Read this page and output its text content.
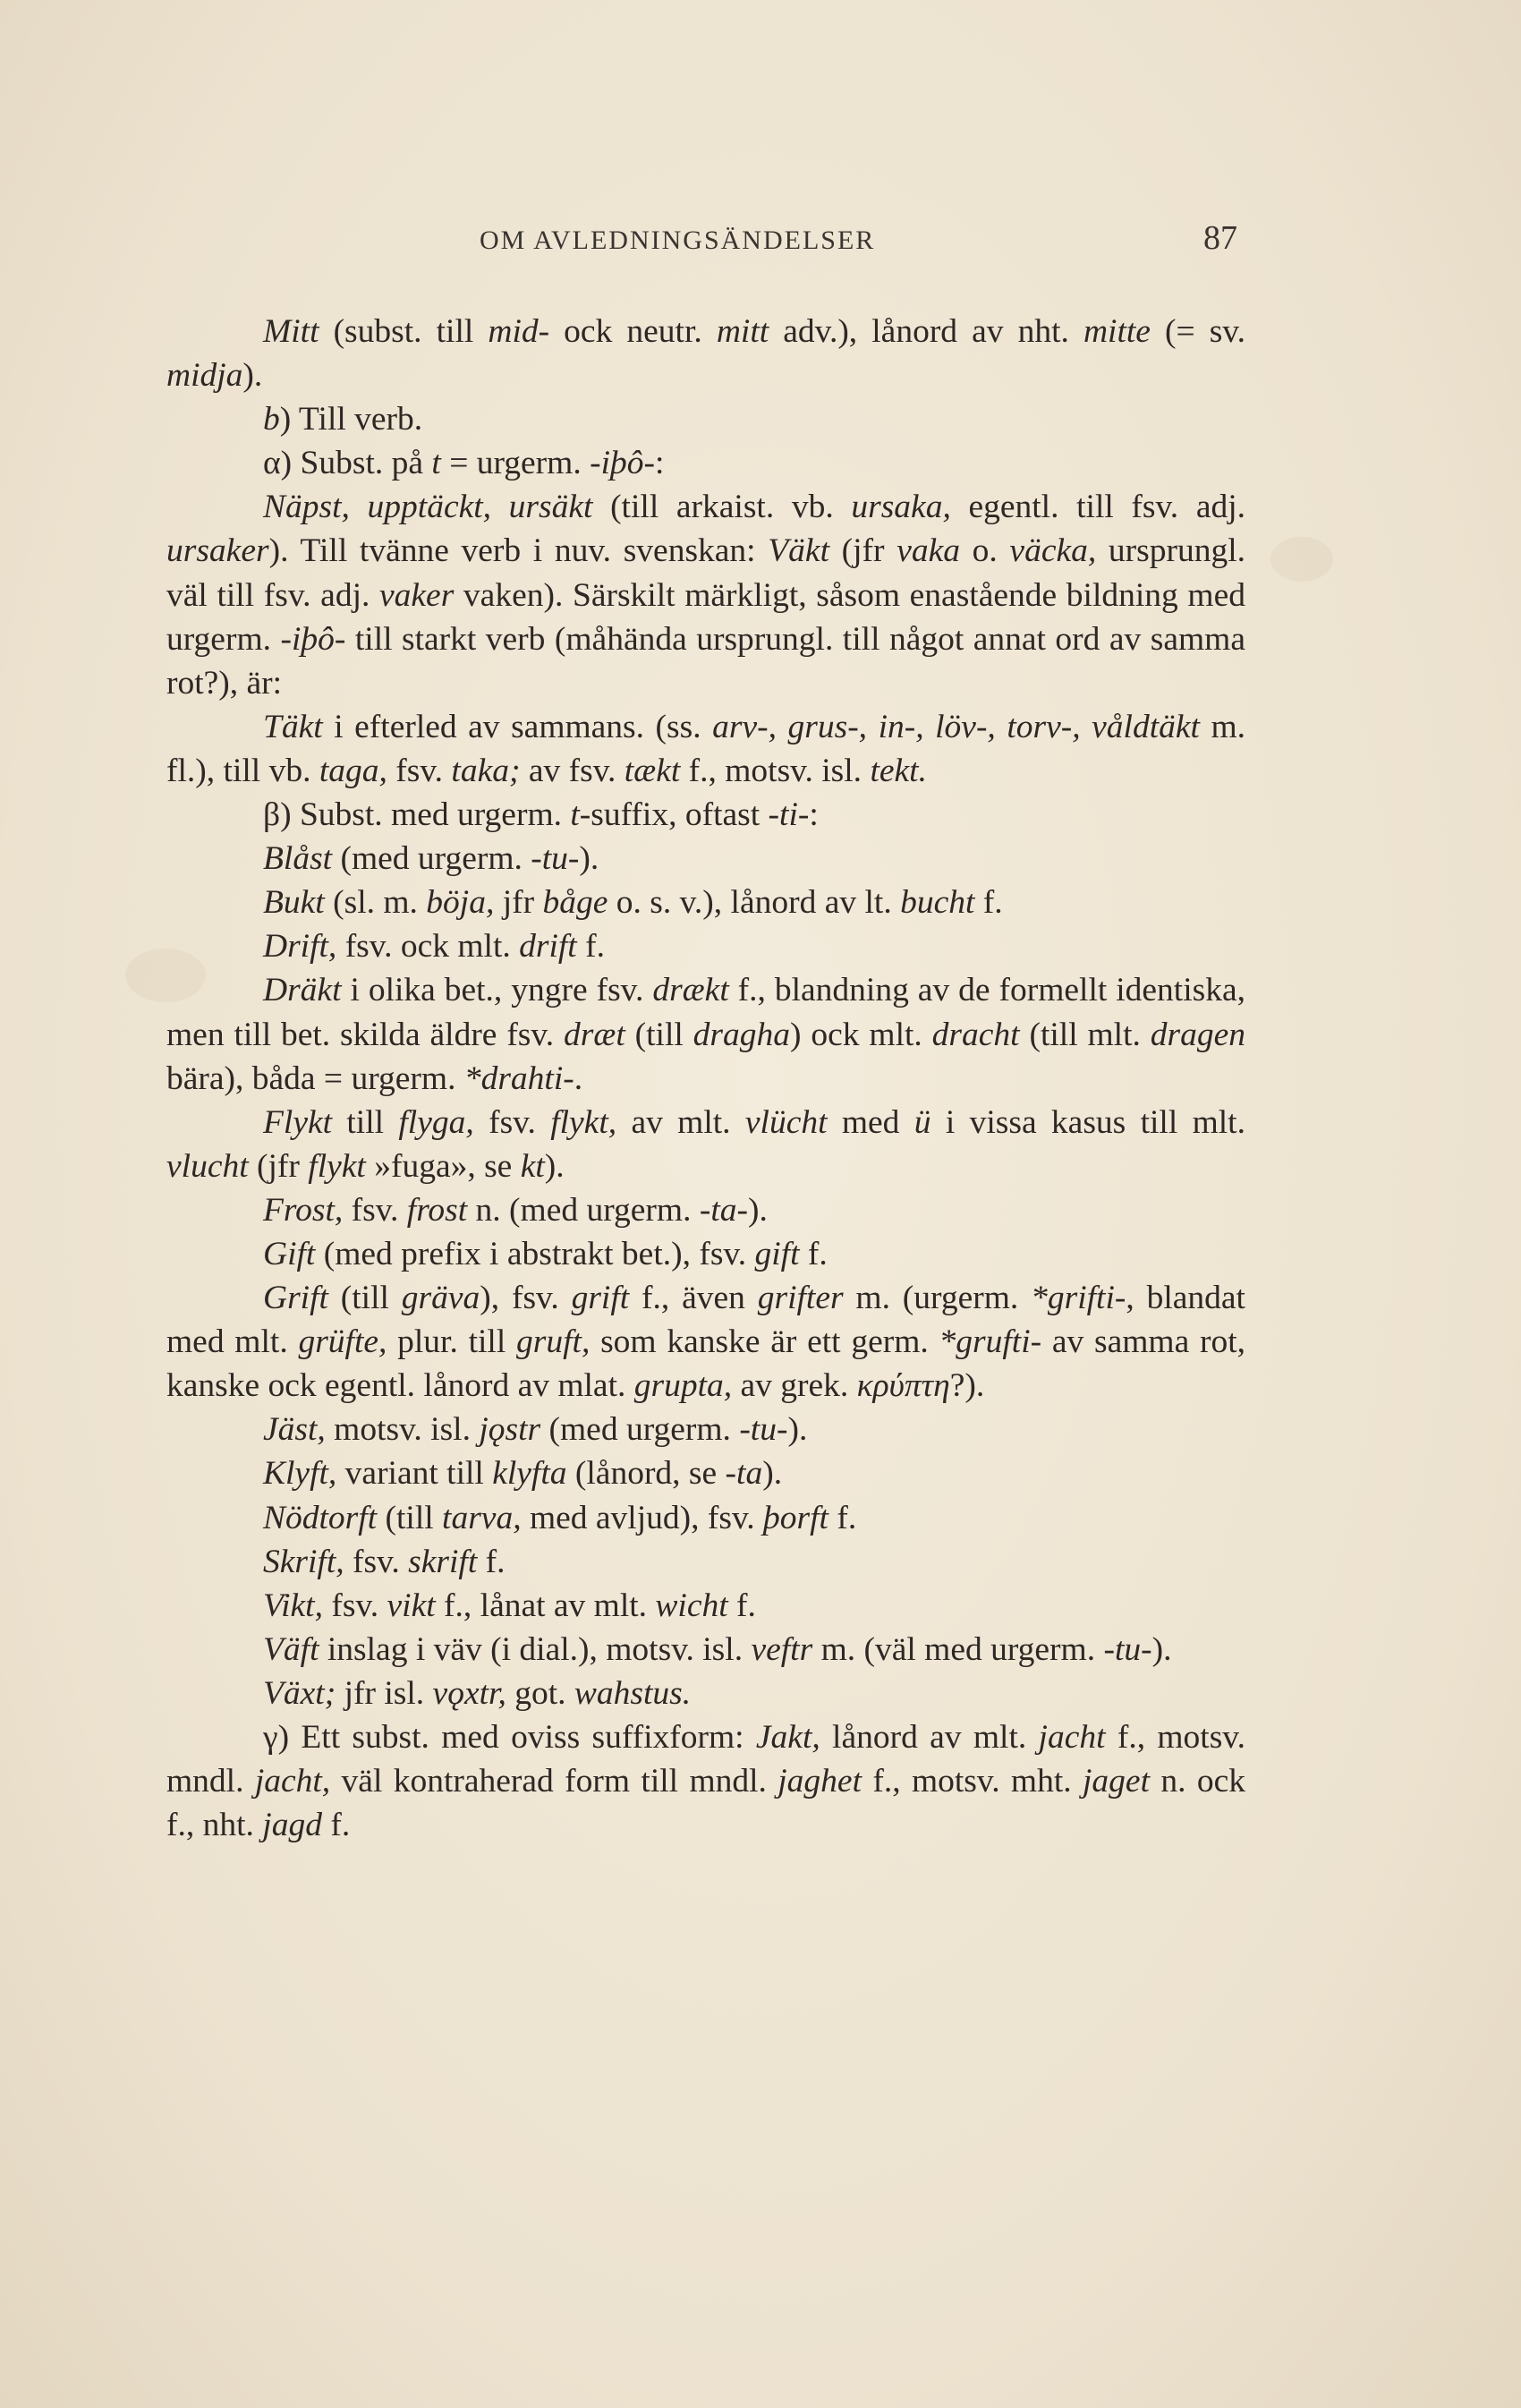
OM AVLEDNINGSÄNDELSER	87

Mitt (subst. till mid- ock neutr. mitt adv.), lånord av nht. mitte (= sv. midja).

b) Till verb.

α) Subst. på t = urgerm. -iþô-:

Näpst, upptäckt, ursäkt (till arkaist. vb. ursaka, egentl. till fsv. adj. ursaker). Till tvänne verb i nuv. svenskan: Väkt (jfr vaka o. väcka, ursprungl. väl till fsv. adj. vaker vaken). Särskilt märkligt, såsom enastående bildning med urgerm. -iþô- till starkt verb (måhända ursprungl. till något annat ord av samma rot?), är:

Täkt i efterled av sammans. (ss. arv-, grus-, in-, löv-, torv-, våldtäkt m. fl.), till vb. taga, fsv. taka; av fsv. tækt f., motsv. isl. tekt.

β) Subst. med urgerm. t-suffix, oftast -ti-:

Blåst (med urgerm. -tu-).

Bukt (sl. m. böja, jfr båge o. s. v.), lånord av lt. bucht f.

Drift, fsv. ock mlt. drift f.

Dräkt i olika bet., yngre fsv. drækt f., blandning av de formellt identiska, men till bet. skilda äldre fsv. dræt (till dragha) ock mlt. dracht (till mlt. dragen bära), båda = urgerm. *drahti-.

Flykt till flyga, fsv. flykt, av mlt. vlücht med ü i vissa kasus till mlt. vlucht (jfr flykt »fuga», se kt).

Frost, fsv. frost n. (med urgerm. -ta-).

Gift (med prefix i abstrakt bet.), fsv. gift f.

Grift (till gräva), fsv. grift f., även grifter m. (urgerm. *grifti-, blandat med mlt. grüfte, plur. till gruft, som kanske är ett germ. *grufti- av samma rot, kanske ock egentl. lånord av mlat. grupta, av grek. κρύπτη?).

Jäst, motsv. isl. jǫstr (med urgerm. -tu-).

Klyft, variant till klyfta (lånord, se -ta).

Nödtorft (till tarva, med avljud), fsv. þorft f.

Skrift, fsv. skrift f.

Vikt, fsv. vikt f., lånat av mlt. wicht f.

Väft inslag i väv (i dial.), motsv. isl. veftr m. (väl med urgerm. -tu-).

Växt; jfr isl. vǫxtr, got. wahstus.

γ) Ett subst. med oviss suffixform: Jakt, lånord av mlt. jacht f., motsv. mndl. jacht, väl kontraherad form till mndl. jaghet f., motsv. mht. jaget n. ock f., nht. jagd f.
